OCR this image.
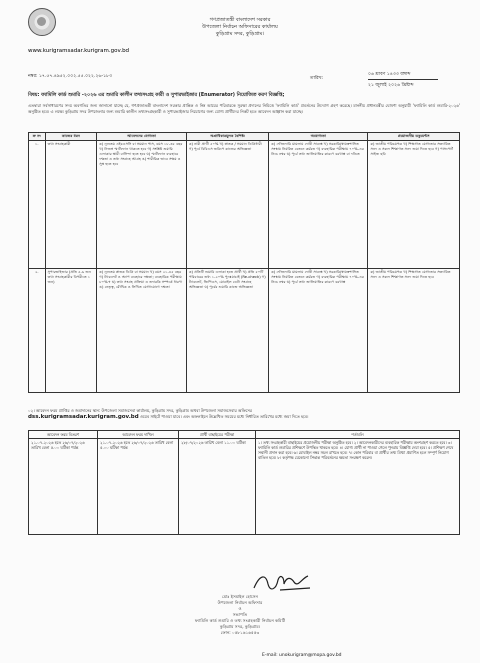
গণপ্রজাতন্ত্রী বাংলাদেশ সরকার
উপজেলা নির্বাচন অফিসারের কার্যালয়
কুড়িগ্রাম সদর, কুড়িগ্রাম।
www.kurigramsadar.kurigram.gov.bd
নম্বর: ১৭.৫৭.৪৯৫২.০০২.৫৫.০২২.২৬-১৮৩	তারিখ:
০৬ শ্রাবণ ১৪৩৩ বঙ্গাব্দ
২১ জুলাই ২০২৬ খ্রিষ্টাব্দ
বিষয়: ফ্যামিলি কার্ড শুমারি -২০২৬ এর শুমারি কালীন তথ্যসংগ্রহ কারী ও সুপারভাইজার (Enumerator) নিয়োজিত করণ বিজ্ঞপ্তি;
এতদ্বারা সর্বসাধারণের সদয় অবগতির জন্য জানানো যাচ্ছে যে, গণপ্রজাতন্ত্রী বাংলাদেশ সরকার প্রান্তিক ও নিম্ন আয়ের পরিবারকে সুরক্ষা প্রদানের নিমিত্তে 'ফ্যামিলি কার্ড' প্রবর্তনের উদ্যোগ গ্রহণ করেছে। মাননীয় প্রধানমন্ত্রীর ঘোষণা অনুযায়ী 'ফ্যামিলি কার্ড শুমারি-২০২৬' অনুষ্ঠিত হবে। এ লক্ষ্যে কুড়িগ্রাম সদর উপজেলার জন্য শুমারি কালীন তথ্যসংগ্রহকারী ও সুপারভাইজার নিয়োগের জন্য যোগ্য প্রার্থীদের নিকট হতে আবেদন আহ্বান করা যাচ্ছে।
ক্র নং	কাজের ধরন	আবেদনের যোগ্যতা	অগ্রাধিকারমূলক বৈশিষ্ট্য	অযোগ্যতা	প্রয়োজনীয় ডকুমেন্টস
১.	তথ্য সংগ্রহকারী	ক) ন্যূনতম এইচএসসি বা সমমান পাস, বয়স ১৮-৩৫ বছর খ) নিজস্ব স্মার্টফোন থাকতে হবে গ) সংশ্লিষ্ট শুমারি এলাকার স্থায়ী বাসিন্দা হতে হবে ঘ) স্মার্টফোন ব্যবহারে দক্ষতা ও তথ্য সংগ্রহে আগ্রহ ঙ) শারীরিক ভাবে সক্ষম ও সুস্থ হতে হবে	ক) নারী প্রার্থী ৫০% খ) স্নাতক / সমমান ডিগ্রিধারী গ) পূর্বে বিবিএস জরিপে কাজের অভিজ্ঞতা	ক) ফৌজদারি মামলায় দোষী সাব্যস্ত খ) সরকারি/স্বায়ত্তশাসিত সংস্থায় নিয়মিত বেতনে কর্মরত গ) ব্যবহারিক পরীক্ষায় ৭০%-এর নিচে নম্বর ঘ) পূর্বে তথ্য জালিয়াতির কারণে বরখাস্ত বা দণ্ডিত	ক) জাতীয় পরিচয়পত্র খ) শিক্ষাগত যোগ্যতার সত্যায়িত সনদ ও সকল শিক্ষাগত সনদ জমা দিতে হবে গ) পাসপোর্ট সাইজ ছবি
২.	সুপারভাইজার (প্রতি ৫-৬ জন তথ্য সংগ্রহকারীর বিপরীতে ১ জন)	ক) ন্যূনতম স্নাতক ডিগ্রি বা সমমান খ) বয়স ২১-৪৫ বছর গ) ট্যাবলেট ও অ্যাপ ব্যবহারে দক্ষতা; ব্যবহারিক পরীক্ষায় ৮০%+ ঘ) তথ্য সংগ্রহ প্রক্রিয়া ও তদারকি সম্পর্কে ধারণা ঙ) নেতৃত্ব, মৌখিক ও লিখিত যোগাযোগে দক্ষতা	ক) প্রতিটি শুমারি এলাকা হতে প্রার্থী খ) প্রতি ৫০টি পরিবারের তথ্য ১-২০% পুনঃযাচাই (Re-check) গ) ট্যাবলেট, জিপিএস, মোবাইল ডেটা সংগ্রহে অভিজ্ঞতা ঘ) পূর্বের শুমারি কাজে অভিজ্ঞতা	ক) ফৌজদারি মামলায় দোষী সাব্যস্ত খ) সরকারি/স্বায়ত্তশাসিত সংস্থায় নিয়মিত বেতনে কর্মরত গ) ব্যবহারিক পরীক্ষায় ৭০%-এর নিচে নম্বর ঘ) পূর্বে তথ্য জালিয়াতির কারণে বরখাস্ত	ক) জাতীয় পরিচয়পত্র খ) শিক্ষাগত যোগ্যতার সত্যায়িত সনদ ও সকল শিক্ষাগত সনদ জমা দিতে হবে
০২। আবেদন ফরম প্রাপ্তির ও জমাদানের স্থান: উপজেলা সমাজসেবা কার্যালয়, কুড়িগ্রাম সদর, কুড়িগ্রাম অথবা উপজেলা সমাজসেবার অফিসের
dss.kurigramsadar.kurigram.gov.bd ওয়েব সাইটে পাওয়া যাবে। এবং অফলাইনে উল্লেখিত সময়ের মধ্যে নির্ধারিত তারিখের মধ্যে জমা দিতে হবে।
আবেদন ফরম বিতরণ	আবেদন ফরম দাখিল	প্রার্থী বাছাইয়ের পরীক্ষা	শর্তাবলি
২১-০৭-২০২৬ হতে ২৬/০৭/২০২৬ তারিখ বেলা ৫.০০ ঘটিকা পর্যন্ত	২১-০৭-২০২৬ হতে ২৬/০৭/২০২৬ তারিখ বেলা ৫.০০ ঘটিকা পর্যন্ত	২৮/০৭/২০২৬ তারিখ বেলা ১১.০০ ঘটিকা	১। তথ্য সংগ্রহকারী বাছাইয়ের প্রয়োজনীয় পরীক্ষা অনুষ্ঠিত হবে। ২। আবেদনকারীদের ব্যবহারিক পরীক্ষায় অংশগ্রহণ করতে হবে। ৩। ফ্যামিলি কার্ড শুমারির প্রশিক্ষণে উপস্থিত থাকতে হবে। ৪। যোগ্য প্রার্থী না পাওয়া গেলে পুনরায় বিজ্ঞপ্তি দেয়া হবে। ৫। প্রশিক্ষণ শেষে সম্মানী প্রদান করা হবে। ৬। মোবাইল নম্বর সচল রাখতে হবে। ৭। কোন পরিবার বা প্রার্থীর তথ্য মিথ্যা প্রমাণিত হলে সম্পূর্ণ নিয়োগ বাতিল হবে। ৮। কর্তৃপক্ষ যেকোনো সিদ্ধান্ত পরিবর্তনের ক্ষমতা সংরক্ষণ করেন।
মোঃ ইসমাইল হোসেন
উপজেলা নির্বাচন অফিসার
ও
সভাপতি
ফ্যামিলি কার্ড শুমারি ও তথ্য সংগ্রহকারী নির্বাচন কমিটি
কুড়িগ্রাম সদর, কুড়িগ্রাম।
ফোন: ০৫৮১৬১৬৫৫৩
E-mail: unokurigram@mopa.gov.bd
